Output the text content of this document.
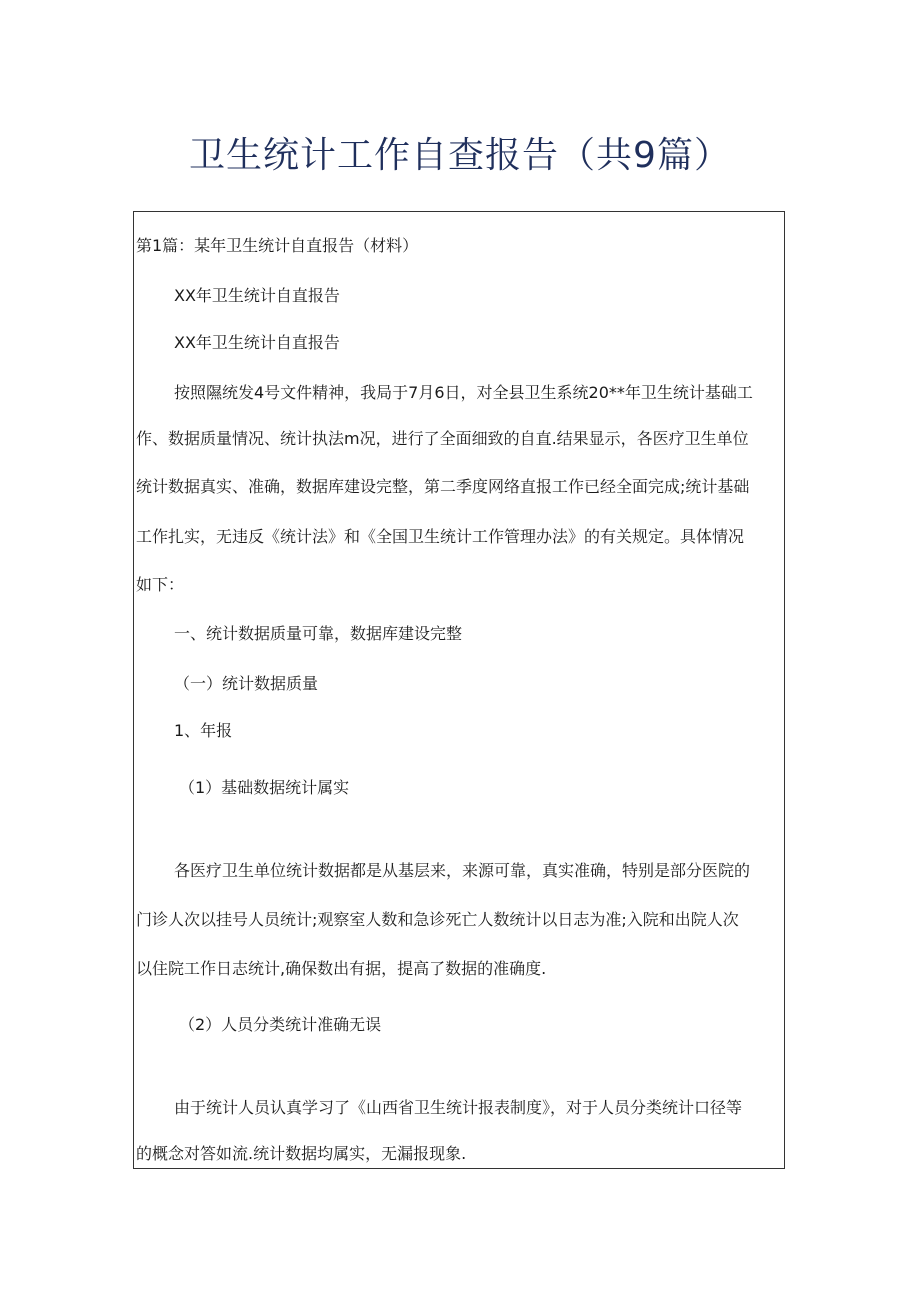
卫生统计工作自查报告（共9篇）
第1篇：某年卫生统计自直报告（材料）
XX年卫生统计自直报告
XX年卫生统计自直报告
按照隰统发4号文件精神，我局于7月6日，对全县卫生系统20**年卫生统计基础工
作、数据质量情况、统计执法m况，进行了全面细致的自直.结果显示，各医疗卫生单位
统计数据真实、准确，数据库建设完整，第二季度网络直报工作已经全面完成;统计基础
工作扎实，无违反《统计法》和《全国卫生统计工作管理办法》的有关规定。具体情况
如下：
一、统计数据质量可靠，数据库建设完整
（一）统计数据质量
1、年报
（1）基础数据统计属实
各医疗卫生单位统计数据都是从基层来，来源可靠，真实准确，特别是部分医院的
门诊人次以挂号人员统计;观察室人数和急诊死亡人数统计以日志为准;入院和出院人次
以住院工作日志统计,确保数出有据，提高了数据的准确度.
（2）人员分类统计准确无误
由于统计人员认真学习了《山西省卫生统计报表制度》，对于人员分类统计口径等
的概念对答如流.统计数据均属实，无漏报现象.
